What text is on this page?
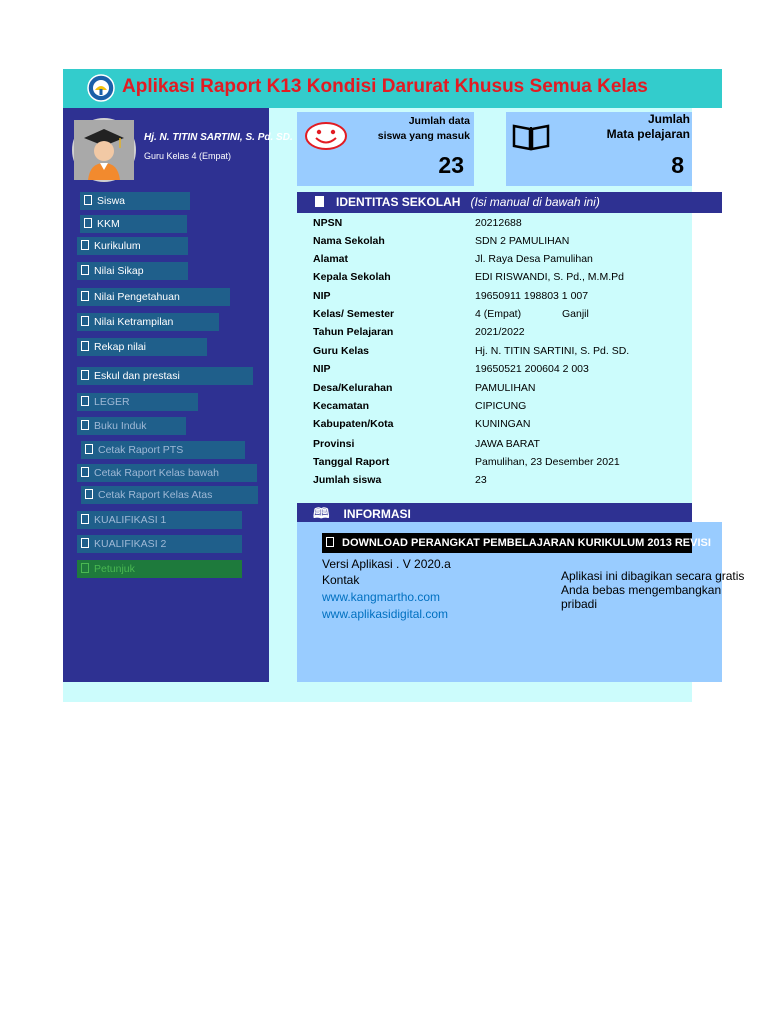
Aplikasi Raport K13 Kondisi Darurat Khusus Semua Kelas
Hj. N. TITIN SARTINI, S. Pd. SD.
Guru Kelas 4 (Empat)
Siswa
KKM
Kurikulum
Nilai Sikap
Nilai Pengetahuan
Nilai Ketrampilan
Rekap nilai
Eskul dan prestasi
LEGER
Buku Induk
Cetak Raport PTS
Cetak Raport Kelas bawah
Cetak Raport Kelas Atas
KUALIFIKASI 1
KUALIFIKASI 2
Petunjuk
Jumlah data
siswa yang masuk
23
Jumlah
Mata pelajaran
8
IDENTITAS SEKOLAH (Isi manual di bawah ini)
NPSN	20212688
Nama Sekolah	SDN 2 PAMULIHAN
Alamat	Jl. Raya Desa Pamulihan
Kepala Sekolah	EDI RISWANDI, S. Pd., M.M.Pd
NIP	19650911 198803 1 007
Kelas/ Semester	4 (Empat)	Ganjil
Tahun Pelajaran	2021/2022
Guru Kelas	Hj. N. TITIN SARTINI, S. Pd. SD.
NIP	19650521 200604 2 003
Desa/Kelurahan	PAMULIHAN
Kecamatan	CIPICUNG
Kabupaten/Kota	KUNINGAN
Provinsi	JAWA BARAT
Tanggal Raport	Pamulihan, 23 Desember 2021
Jumlah siswa	23
🕮 INFORMASI
DOWNLOAD PERANGKAT PEMBELAJARAN KURIKULUM 2013 REVISI
Versi Aplikasi . V 2020.a
Kontak
www.kangmartho.com
www.aplikasidigital.com
Aplikasi ini dibagikan secara gratis
Anda bebas mengembangkan
pribadi
